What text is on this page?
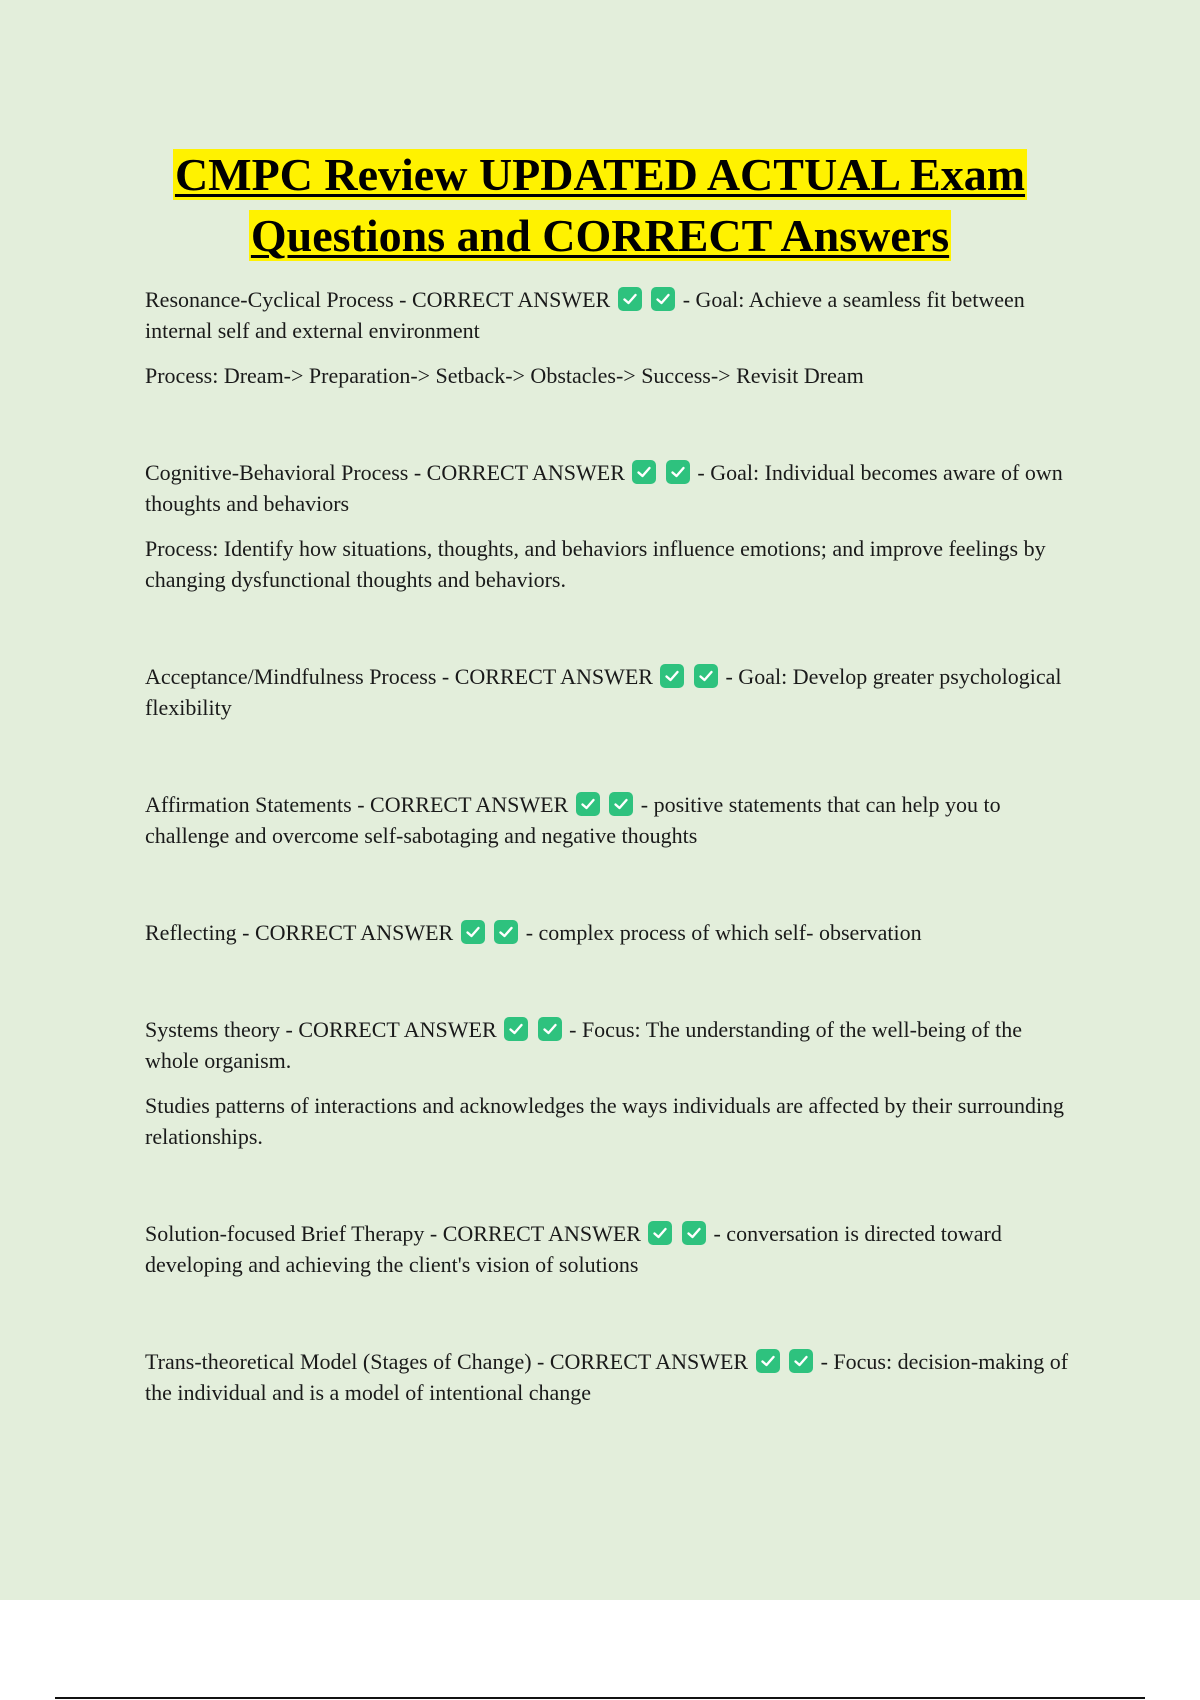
CMPC Review UPDATED ACTUAL Exam
Questions and CORRECT Answers

Resonance-Cyclical Process - CORRECT ANSWER
	- Goal: Achieve a seamless fit between internal self and external environment

Process: Dream-> Preparation-> Setback-> Obstacles-> Success-> Revisit Dream

Cognitive-Behavioral Process - CORRECT ANSWER
	- Goal: Individual becomes aware of own thoughts and behaviors

Process: Identify how situations, thoughts, and behaviors influence emotions; and improve feelings by changing dysfunctional thoughts and behaviors.

Acceptance/Mindfulness Process - CORRECT ANSWER
	- Goal: Develop greater psychological flexibility

Affirmation Statements - CORRECT ANSWER
	- positive statements that can help you to challenge and overcome self-sabotaging and negative thoughts

Reflecting - CORRECT ANSWER
	- complex process of which self- observation

Systems theory - CORRECT ANSWER
	- Focus: The understanding of the well-being of the whole organism.

Studies patterns of interactions and acknowledges the ways individuals are affected by their surrounding relationships.

Solution-focused Brief Therapy - CORRECT ANSWER
	- conversation is directed toward developing and achieving the client's vision of solutions

Trans-theoretical Model (Stages of Change) - CORRECT ANSWER
	- Focus: decision-making of the individual and is a model of intentional change
